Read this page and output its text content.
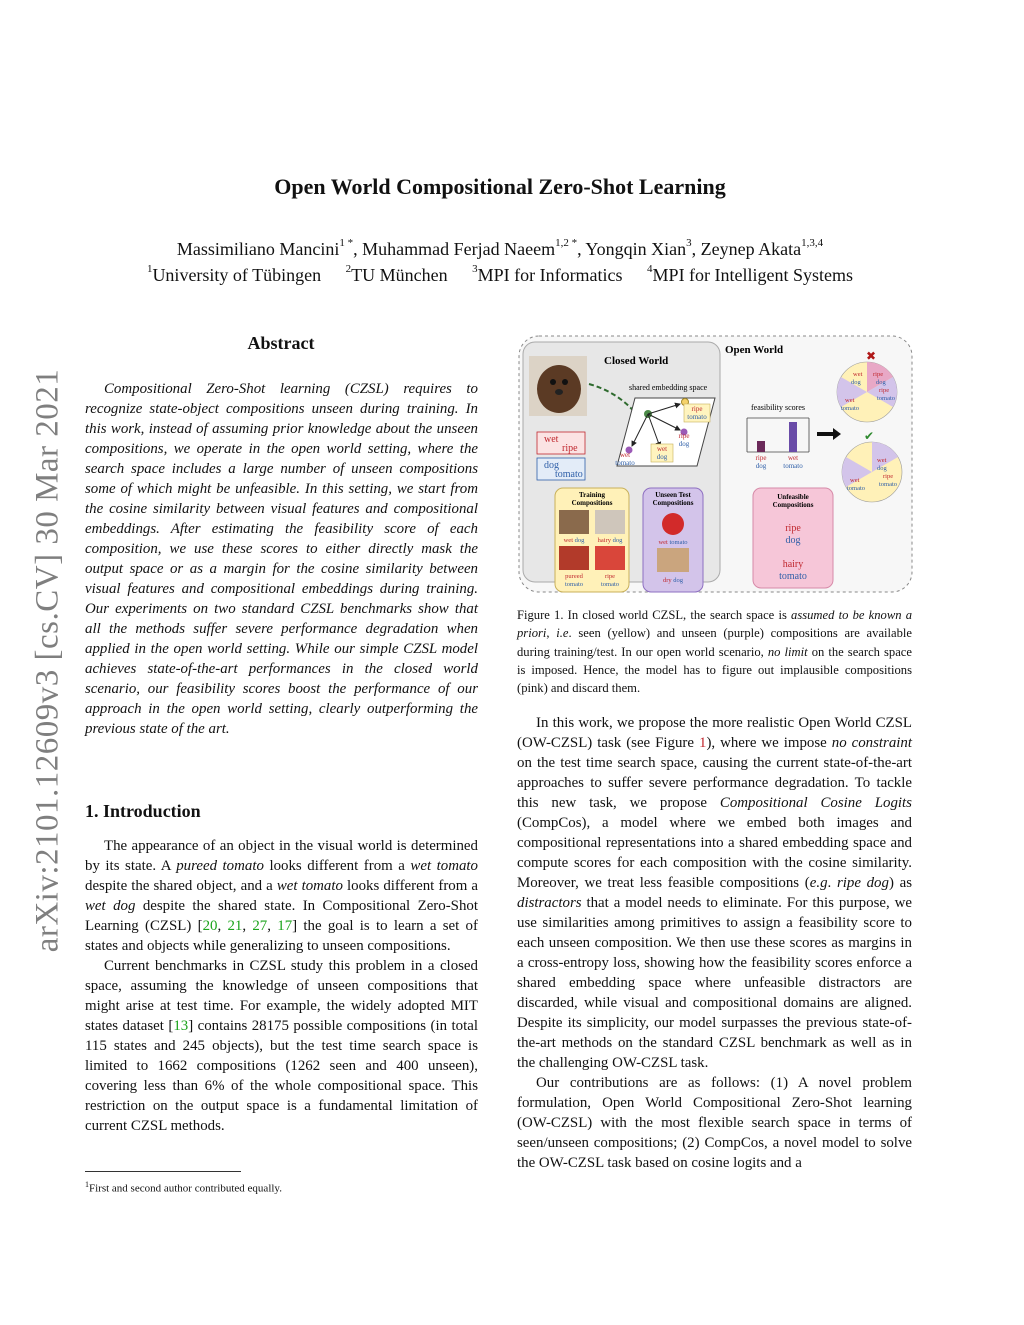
arXiv:2101.12609v3 [cs.CV] 30 Mar 2021
Open World Compositional Zero-Shot Learning
Massimiliano Mancini$^{1 *}$, Muhammad Ferjad Naeem$^{1,2 *}$, Yongqin Xian$^3$, Zeynep Akata$^{1,3,4}$
$^1$University of Tübingen $^2$TU München $^3$MPI for Informatics $^4$MPI for Intelligent Systems
Abstract

Compositional Zero-Shot learning (CZSL) requires to recognize state-object compositions unseen during training. In this work, instead of assuming prior knowledge about the unseen compositions, we operate in the open world setting, where the search space includes a large number of unseen compositions some of which might be unfeasible. In this setting, we start from the cosine similarity between visual features and compositional embeddings. After estimating the feasibility score of each composition, we use these scores to either directly mask the output space or as a margin for the cosine similarity between visual features and compositional embeddings during training. Our experiments on two standard CZSL benchmarks show that all the methods suffer severe performance degradation when applied in the open world setting. While our simple CZSL model achieves state-of-the-art performances in the closed world scenario, our feasibility scores boost the performance of our approach in the open world setting, clearly outperforming the previous state of the art.

1. Introduction

The appearance of an object in the visual world is determined by its state. A pureed tomato looks different from a wet tomato despite the shared object, and a wet tomato looks different from a wet dog despite the shared state. In Compositional Zero-Shot Learning (CZSL) [20, 21, 27, 17] the goal is to learn a set of states and objects while generalizing to unseen compositions.

Current benchmarks in CZSL study this problem in a closed space, assuming the knowledge of unseen compositions that might arise at test time. For example, the widely adopted MIT states dataset [13] contains 28175 possible compositions (in total 115 states and 245 objects), but the test time search space is limited to 1662 compositions (1262 seen and 400 unseen), covering less than 6% of the whole compositional space. This restriction on the output space is a fundamental limitation of current CZSL methods.

$^1$First and second author contributed equally.
Open World
Closed World
shared embedding space
ripe
tomato
ripe
dog
wet
dog
wet
tomato
wet
ripe
dog
tomato
Training
Compositions
wet dog hairy dog
pureed
tomato
ripe
tomato
Unseen Test
Compositions
wet tomato
dry dog
feasibility scores
ripe
dog
wet
tomato
wet
dog
ripe
dog
ripe
tomato
wet
tomato
✖
wet
dog
ripe
tomato
wet
tomato
✔
Unfeasible
Compositions
ripe
dog
hairy
tomato
Figure 1. In closed world CZSL, the search space is assumed to be known a priori, i.e. seen (yellow) and unseen (purple) compositions are available during training/test. In our open world scenario, no limit on the search space is imposed. Hence, the model has to figure out implausible compositions (pink) and discard them.

In this work, we propose the more realistic Open World CZSL (OW-CZSL) task (see Figure 1), where we impose no constraint on the test time search space, causing the current state-of-the-art approaches to suffer severe performance degradation. To tackle this new task, we propose Compositional Cosine Logits (CompCos), a model where we embed both images and compositional representations into a shared embedding space and compute scores for each composition with the cosine similarity. Moreover, we treat less feasible compositions (e.g. ripe dog) as distractors that a model needs to eliminate. For this purpose, we use similarities among primitives to assign a feasibility score to each unseen composition. We then use these scores as margins in a cross-entropy loss, showing how the feasibility scores enforce a shared embedding space where unfeasible distractors are discarded, while visual and compositional domains are aligned. Despite its simplicity, our model surpasses the previous state-of-the-art methods on the standard CZSL benchmark as well as in the challenging OW-CZSL task.

Our contributions are as follows: (1) A novel problem formulation, Open World Compositional Zero-Shot learning (OW-CZSL) with the most flexible search space in terms of seen/unseen compositions; (2) CompCos, a novel model to solve the OW-CZSL task based on cosine logits and a
